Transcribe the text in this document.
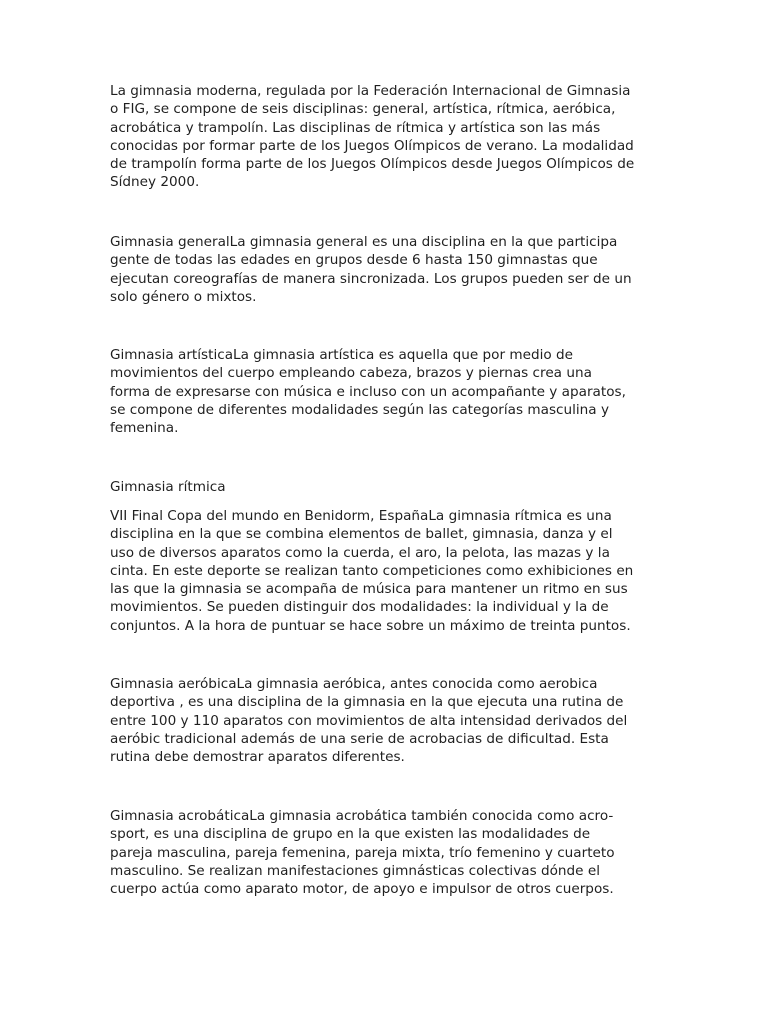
La gimnasia moderna, regulada por la Federación Internacional de Gimnasia
o FIG, se compone de seis disciplinas: general, artística, rítmica, aeróbica,
acrobática y trampolín. Las disciplinas de rítmica y artística son las más
conocidas por formar parte de los Juegos Olímpicos de verano. La modalidad
de trampolín forma parte de los Juegos Olímpicos desde Juegos Olímpicos de
Sídney 2000.

Gimnasia generalLa gimnasia general es una disciplina en la que participa
gente de todas las edades en grupos desde 6 hasta 150 gimnastas que
ejecutan coreografías de manera sincronizada. Los grupos pueden ser de un
solo género o mixtos.

Gimnasia artísticaLa gimnasia artística es aquella que por medio de
movimientos del cuerpo empleando cabeza, brazos y piernas crea una
forma de expresarse con música e incluso con un acompañante y aparatos,
se compone de diferentes modalidades según las categorías masculina y
femenina.

Gimnasia rítmica

VII Final Copa del mundo en Benidorm, EspañaLa gimnasia rítmica es una
disciplina en la que se combina elementos de ballet, gimnasia, danza y el
uso de diversos aparatos como la cuerda, el aro, la pelota, las mazas y la
cinta. En este deporte se realizan tanto competiciones como exhibiciones en
las que la gimnasia se acompaña de música para mantener un ritmo en sus
movimientos. Se pueden distinguir dos modalidades: la individual y la de
conjuntos. A la hora de puntuar se hace sobre un máximo de treinta puntos.

Gimnasia aeróbicaLa gimnasia aeróbica, antes conocida como aerobica
deportiva , es una disciplina de la gimnasia en la que ejecuta una rutina de
entre 100 y 110 aparatos con movimientos de alta intensidad derivados del
aeróbic tradicional además de una serie de acrobacias de dificultad. Esta
rutina debe demostrar aparatos diferentes.

Gimnasia acrobáticaLa gimnasia acrobática también conocida como acro-
sport, es una disciplina de grupo en la que existen las modalidades de
pareja masculina, pareja femenina, pareja mixta, trío femenino y cuarteto
masculino. Se realizan manifestaciones gimnásticas colectivas dónde el
cuerpo actúa como aparato motor, de apoyo e impulsor de otros cuerpos.
